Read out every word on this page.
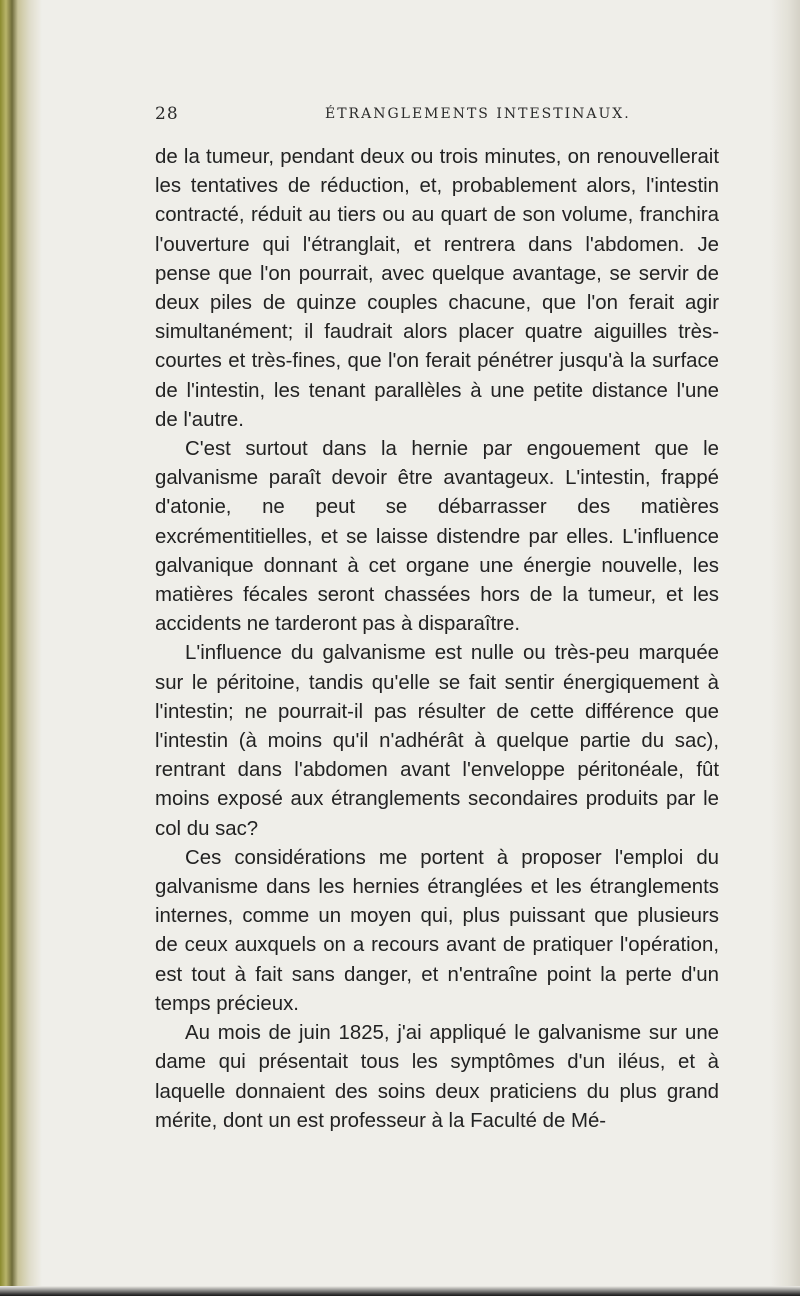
28	ÉTRANGLEMENTS INTESTINAUX.

de la tumeur, pendant deux ou trois minutes, on renouvellerait les tentatives de réduction, et, probablement alors, l'intestin contracté, réduit au tiers ou au quart de son volume, franchira l'ouverture qui l'étranglait, et rentrera dans l'abdomen. Je pense que l'on pourrait, avec quelque avantage, se servir de deux piles de quinze couples chacune, que l'on ferait agir simultanément; il faudrait alors placer quatre aiguilles très-courtes et très-fines, que l'on ferait pénétrer jusqu'à la surface de l'intestin, les tenant parallèles à une petite distance l'une de l'autre.

C'est surtout dans la hernie par engouement que le galvanisme paraît devoir être avantageux. L'intestin, frappé d'atonie, ne peut se débarrasser des matières excrémentitielles, et se laisse distendre par elles. L'influence galvanique donnant à cet organe une énergie nouvelle, les matières fécales seront chassées hors de la tumeur, et les accidents ne tarderont pas à disparaître.

L'influence du galvanisme est nulle ou très-peu marquée sur le péritoine, tandis qu'elle se fait sentir énergiquement à l'intestin; ne pourrait-il pas résulter de cette différence que l'intestin (à moins qu'il n'adhérât à quelque partie du sac), rentrant dans l'abdomen avant l'enveloppe péritonéale, fût moins exposé aux étranglements secondaires produits par le col du sac?

Ces considérations me portent à proposer l'emploi du galvanisme dans les hernies étranglées et les étranglements internes, comme un moyen qui, plus puissant que plusieurs de ceux auxquels on a recours avant de pratiquer l'opération, est tout à fait sans danger, et n'entraîne point la perte d'un temps précieux.

Au mois de juin 1825, j'ai appliqué le galvanisme sur une dame qui présentait tous les symptômes d'un iléus, et à laquelle donnaient des soins deux praticiens du plus grand mérite, dont un est professeur à la Faculté de Mé-
